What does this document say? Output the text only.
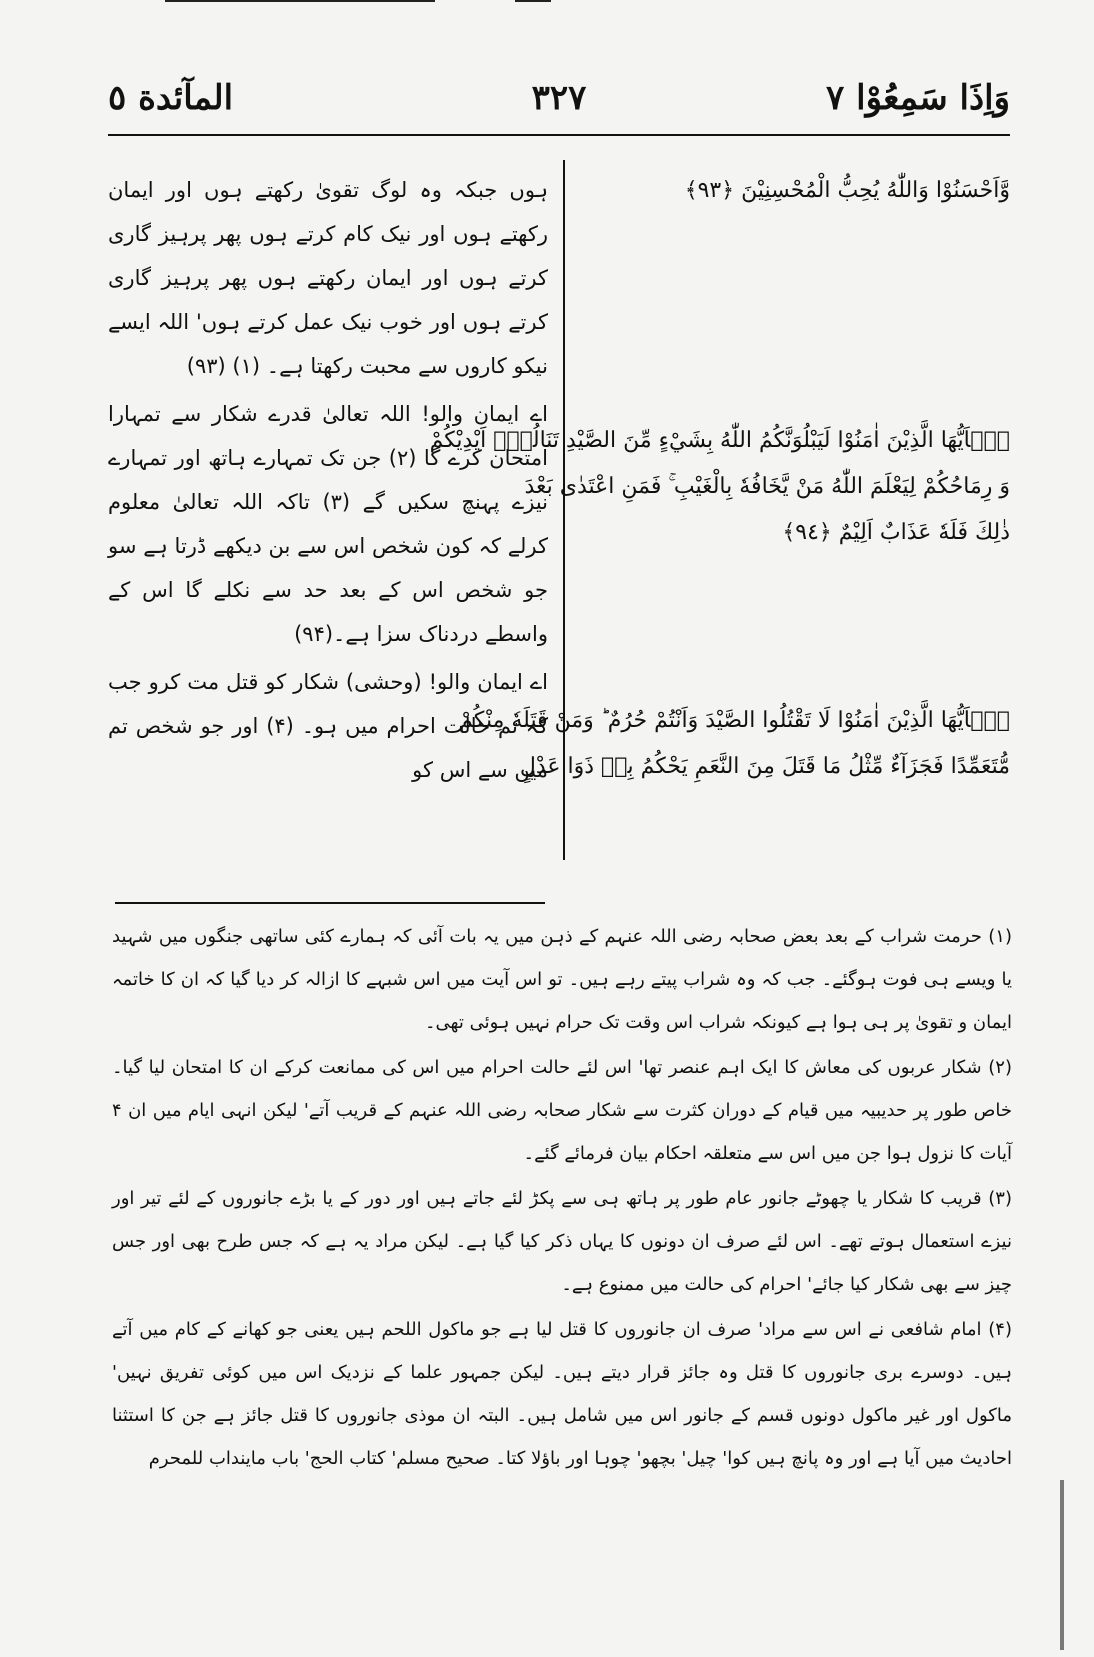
وَاِذَا سَمِعُوْا ٧
٣٢٧
المآئدة ٥

ہوں جبکہ وہ لوگ تقویٰ رکھتے ہوں اور ایمان رکھتے ہوں اور نیک کام کرتے ہوں پھر پرہیز گاری کرتے ہوں اور ایمان رکھتے ہوں پھر پرہیز گاری کرتے ہوں اور خوب نیک عمل کرتے ہوں' اللہ ایسے نیکو کاروں سے محبت رکھتا ہے۔ (۱) (۹۳)

اے ایمان والو! اللہ تعالیٰ قدرے شکار سے تمہارا امتحان کرے گا (۲) جن تک تمہارے ہاتھ اور تمہارے نیزے پہنچ سکیں گے (۳) تاکہ اللہ تعالیٰ معلوم کرلے کہ کون شخص اس سے بن دیکھے ڈرتا ہے سو جو شخص اس کے بعد حد سے نکلے گا اس کے واسطے دردناک سزا ہے۔(۹۴)

اے ایمان والو! (وحشی) شکار کو قتل مت کرو جب کہ تم حالت احرام میں ہو۔ (۴) اور جو شخص تم میں سے اس کو

وَّاَحْسَنُوْا وَاللّٰهُ يُحِبُّ الْمُحْسِنِيْنَ ﴿٩٣﴾
يٰۤاَيُّهَا الَّذِيْنَ اٰمَنُوْا لَيَبْلُوَنَّكُمُ اللّٰهُ بِشَيْءٍ مِّنَ الصَّيْدِ تَنَالُهٗۤ اَيْدِيْكُمْ
وَ رِمَاحُكُمْ لِيَعْلَمَ اللّٰهُ مَنْ يَّخَافُهٗ بِالْغَيْبِ ۚ فَمَنِ اعْتَدٰى بَعْدَ
ذٰلِكَ فَلَهٗ عَذَابٌ اَلِيْمٌ ﴿٩٤﴾
يٰۤاَيُّهَا الَّذِيْنَ اٰمَنُوْا لَا تَقْتُلُوا الصَّيْدَ وَاَنْتُمْ حُرُمٌ ؕ وَمَنْ قَتَلَهٗ مِنْكُمْ
مُّتَعَمِّدًا فَجَزَآءٌ مِّثْلُ مَا قَتَلَ مِنَ النَّعَمِ يَحْكُمُ بِهٖ ذَوَا عَدْلٍ

(۱) حرمت شراب کے بعد بعض صحابہ رضی اللہ عنہم کے ذہن میں یہ بات آئی کہ ہمارے کئی ساتھی جنگوں میں شہید یا ویسے ہی فوت ہوگئے۔ جب کہ وہ شراب پیتے رہے ہیں۔ تو اس آیت میں اس شبہے کا ازالہ کر دیا گیا کہ ان کا خاتمہ ایمان و تقویٰ پر ہی ہوا ہے کیونکہ شراب اس وقت تک حرام نہیں ہوئی تھی۔

(۲) شکار عربوں کی معاش کا ایک اہم عنصر تھا' اس لئے حالت احرام میں اس کی ممانعت کرکے ان کا امتحان لیا گیا۔ خاص طور پر حدیبیہ میں قیام کے دوران کثرت سے شکار صحابہ رضی اللہ عنہم کے قریب آتے' لیکن انہی ایام میں ان ۴ آیات کا نزول ہوا جن میں اس سے متعلقہ احکام بیان فرمائے گئے۔

(۳) قریب کا شکار یا چھوٹے جانور عام طور پر ہاتھ ہی سے پکڑ لئے جاتے ہیں اور دور کے یا بڑے جانوروں کے لئے تیر اور نیزے استعمال ہوتے تھے۔ اس لئے صرف ان دونوں کا یہاں ذکر کیا گیا ہے۔ لیکن مراد یہ ہے کہ جس طرح بھی اور جس چیز سے بھی شکار کیا جائے' احرام کی حالت میں ممنوع ہے۔

(۴) امام شافعی نے اس سے مراد' صرف ان جانوروں کا قتل لیا ہے جو ماکول اللحم ہیں یعنی جو کھانے کے کام میں آتے ہیں۔ دوسرے بری جانوروں کا قتل وہ جائز قرار دیتے ہیں۔ لیکن جمہور علما کے نزدیک اس میں کوئی تفریق نہیں' ماکول اور غیر ماکول دونوں قسم کے جانور اس میں شامل ہیں۔ البتہ ان موذی جانوروں کا قتل جائز ہے جن کا استثنا احادیث میں آیا ہے اور وہ پانچ ہیں کوا' چیل' بچھو' چوہا اور باؤلا کتا۔ صحیح مسلم' کتاب الحج' باب ماینداب للمحرم
